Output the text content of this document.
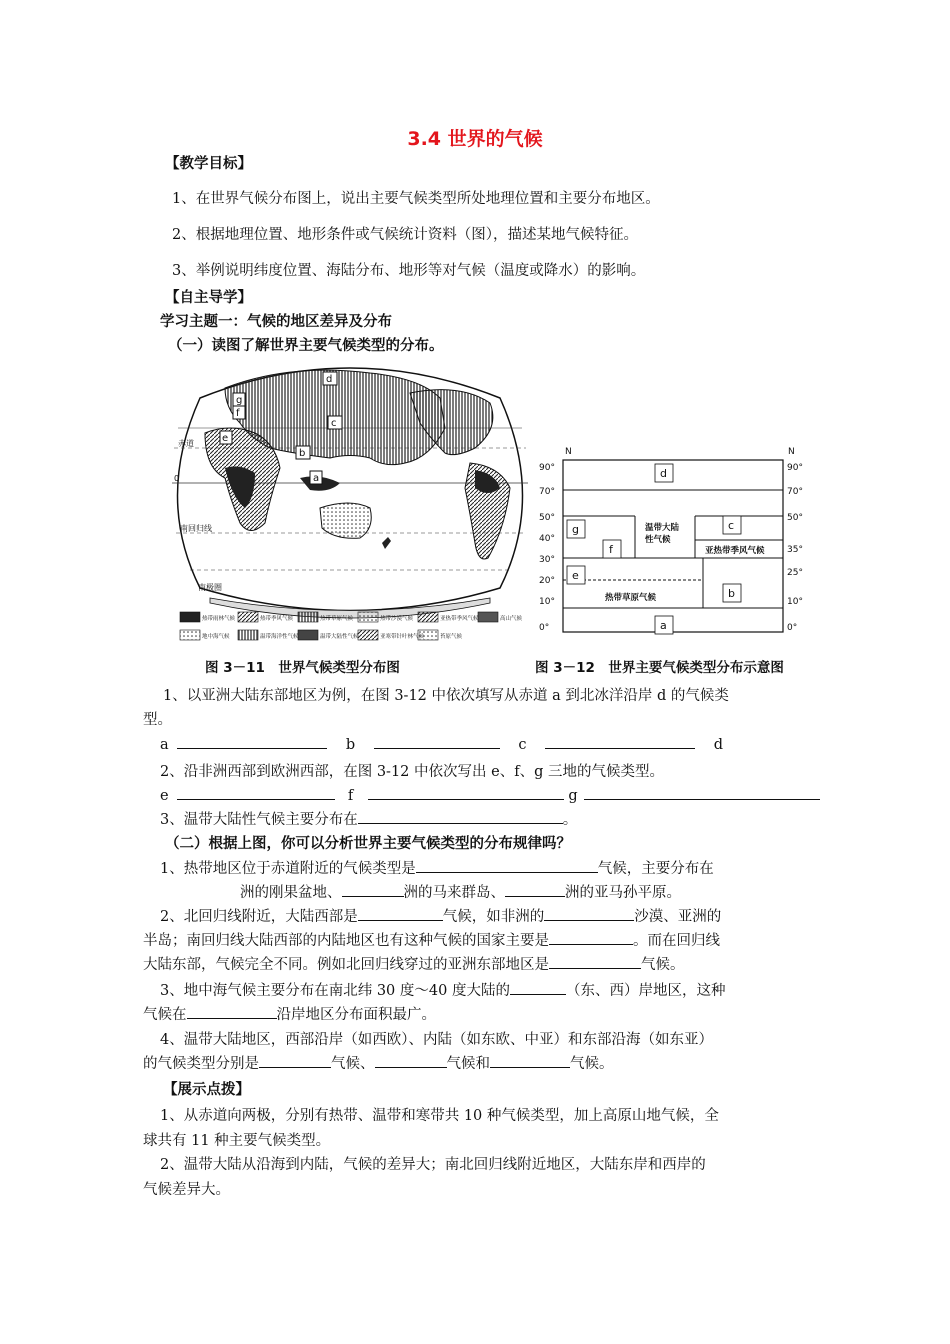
3.4 世界的气候
【教学目标】
1、在世界气候分布图上，说出主要气候类型所处地理位置和主要分布地区。
2、根据地理位置、地形条件或气候统计资料（图），描述某地气候特征。
3、举例说明纬度位置、海陆分布、地形等对气候（温度或降水）的影响。
【自主导学】
学习主题一：气候的地区差异及分布
（一）读图了解世界主要气候类型的分布。
d
g
f
c
e
b
a
0
赤道
南回归线
南极圈
热带雨林气候	热带季风气候	热带草原气候	热带沙漠气候	亚热带季风气候	高山气候
地中海气候	温带海洋性气候	温带大陆性气候	亚寒带针叶林气候	苔原气候
N	N
90°
70°
50°
40°
30°
20°
10°
0°
90°
70°
50°
35°
25°
10°
0°
d
g
f
c
e
b
a
温带大陆
性气候
亚热带季风气候
热带草原气候
图 3－11　世界气候类型分布图	图 3－12　世界主要气候类型分布示意图
1、以亚洲大陆东部地区为例，在图 3-12 中依次填写从赤道 a 到北冰洋沿岸 d 的气候类
型。
a	b	c	d
2、沿非洲西部到欧洲西部，在图 3-12 中依次写出 e、f、g 三地的气候类型。
e	f	g
3、温带大陆性气候主要分布在	。
（二）根据上图，你可以分析世界主要气候类型的分布规律吗？
1、热带地区位于赤道附近的气候类型是	气候，主要分布在
洲的刚果盆地、	洲的马来群岛、	洲的亚马孙平原。
2、北回归线附近，大陆西部是	气候，如非洲的	沙漠、亚洲的
半岛；南回归线大陆西部的内陆地区也有这种气候的国家主要是	。而在回归线
大陆东部，气候完全不同。例如北回归线穿过的亚洲东部地区是	气候。
3、地中海气候主要分布在南北纬 30 度～40 度大陆的	（东、西）岸地区，这种
气候在	沿岸地区分布面积最广。
4、温带大陆地区，西部沿岸（如西欧）、内陆（如东欧、中亚）和东部沿海（如东亚）
的气候类型分别是	气候、	气候和	气候。
【展示点拨】
1、从赤道向两极，分别有热带、温带和寒带共 10 种气候类型，加上高原山地气候，全
球共有 11 种主要气候类型。
2、温带大陆从沿海到内陆，气候的差异大；南北回归线附近地区，大陆东岸和西岸的
气候差异大。
